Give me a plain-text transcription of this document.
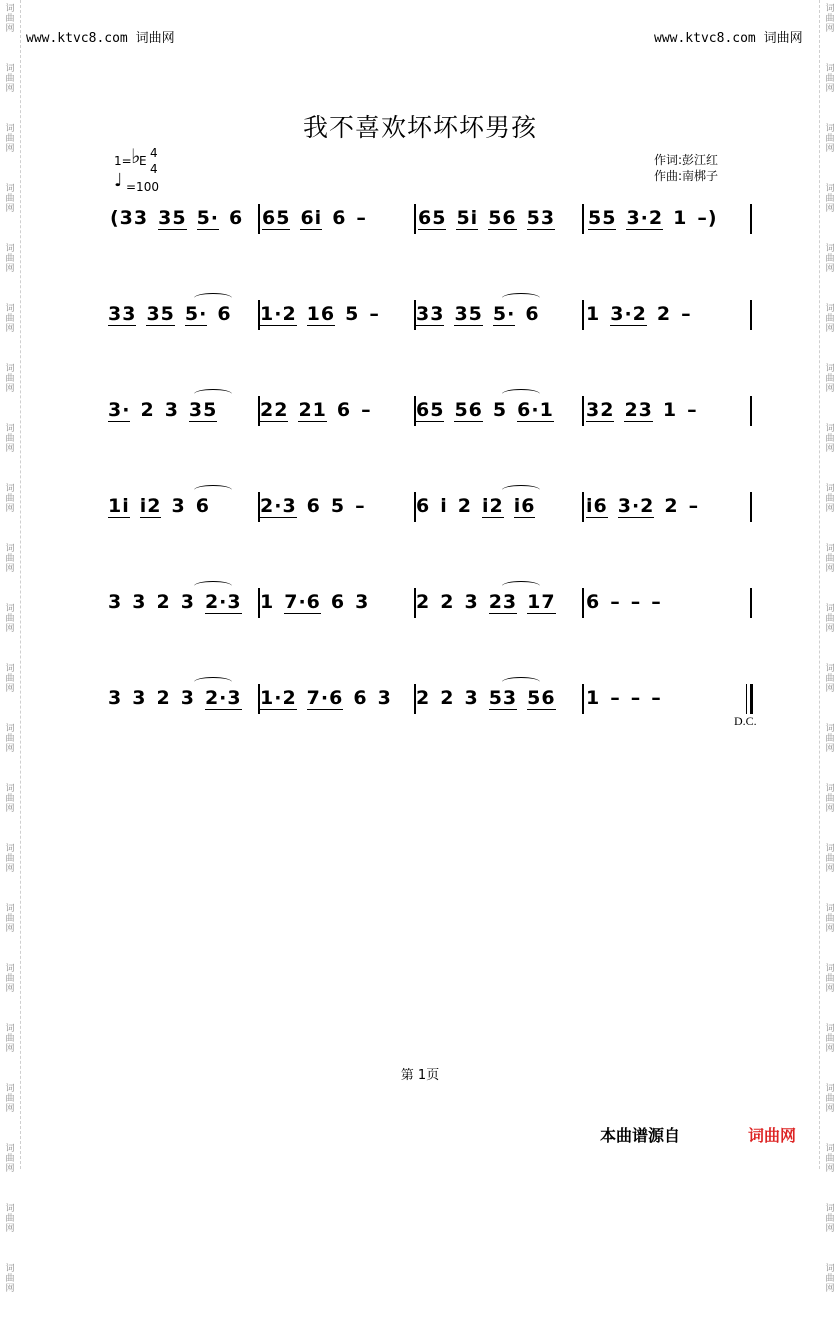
词
曲
网
词
曲
网
词
曲
网
词
曲
网
词
曲
网
词
曲
网
词
曲
网
词
曲
网
词
曲
网
词
曲
网
词
曲
网
词
曲
网
词
曲
网
词
曲
网
词
曲
网
词
曲
网
词
曲
网
词
曲
网
词
曲
网
词
曲
网
词
曲
网
词
曲
网
词
曲
网
词
曲
网
词
曲
网
词
曲
网
词
曲
网
词
曲
网
词
曲
网
词
曲
网
词
曲
网
词
曲
网
词
曲
网
词
曲
网
词
曲
网
词
曲
网
词
曲
网
词
曲
网
词
曲
网
词
曲
网
词
曲
网
词
曲
网
词
曲
网
词
曲
网
www.ktvc8.com 词曲网	www.ktvc8.com 词曲网
我不喜欢坏坏坏男孩
1= ♭
E
4
4
♩ =100
作词:彭江红
作曲:南梆子
(33 35 5· 6 65 6i 6 –	65 5i 56 53	55 3·2 1 –)
33 35 5· 6	1·2 16 5 –	33 35 5· 6	1 3·2 2 –
3· 2 3 35	22 21 6 –	65 56 5 6·1	32 23 1 –
1i i2 3 6	2·3 6 5 –	6 i 2 i2 i6	i6 3·2 2 –
3 3 2 3 2·3 1 7·6 6 3	2 2 3 23 17	6 – – –
3 3 2 3 2·3 1·2 7·6 6 3	2 2 3 53 56	1 – – –
D.C.
第 1页
本曲谱源自	词曲网
